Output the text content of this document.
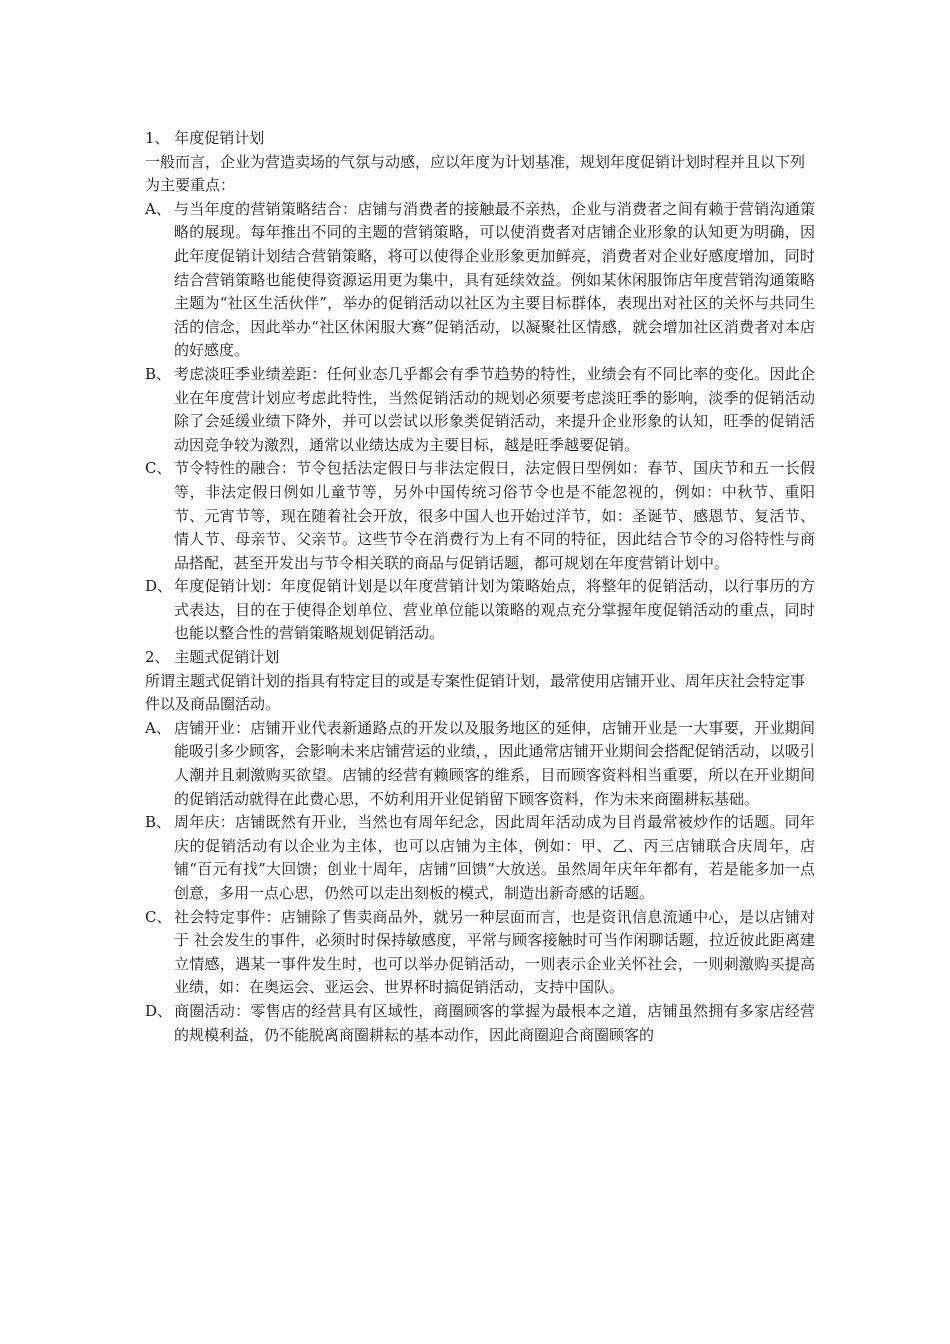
1、 年度促销计划

一般而言，企业为营造卖场的气氛与动感，应以年度为计划基准，规划年度促销计划时程并且以下列为主要重点：

A、 与当年度的营销策略结合：店铺与消费者的接触最不亲热，企业与消费者之间有赖于营销沟通策略的展现。每年推出不同的主题的营销策略，可以使消费者对店铺企业形象的认知更为明确，因此年度促销计划结合营销策略，将可以使得企业形象更加鲜亮，消费者对企业好感度增加，同时结合营销策略也能使得资源运用更为集中，具有延续效益。例如某休闲服饰店年度营销沟通策略主题为“社区生活伙伴”，举办的促销活动以社区为主要目标群体，表现出对社区的关怀与共同生活的信念，因此举办“社区休闲服大赛”促销活动，以凝聚社区情感，就会增加社区消费者对本店的好感度。

B、 考虑淡旺季业绩差距：任何业态几乎都会有季节趋势的特性，业绩会有不同比率的变化。因此企业在年度营计划应考虑此特性，当然促销活动的规划必须要考虑淡旺季的影响，淡季的促销活动除了会延缓业绩下降外，并可以尝试以形象类促销活动，来提升企业形象的认知，旺季的促销活动因竞争较为激烈，通常以业绩达成为主要目标，越是旺季越要促销。

C、 节令特性的融合：节令包括法定假日与非法定假日，法定假日型例如：春节、国庆节和五一长假等，非法定假日例如儿童节等，另外中国传统习俗节令也是不能忽视的，例如：中秋节、重阳节、元宵节等，现在随着社会开放，很多中国人也开始过洋节，如：圣诞节、感恩节、复活节、情人节、母亲节、父亲节。这些节令在消费行为上有不同的特征，因此结合节令的习俗特性与商品搭配，甚至开发出与节令相关联的商品与促销话题，都可规划在年度营销计划中。

D、 年度促销计划：年度促销计划是以年度营销计划为策略始点，将整年的促销活动，以行事历的方式表达，目的在于使得企划单位、营业单位能以策略的观点充分掌握年度促销活动的重点，同时也能以整合性的营销策略规划促销活动。

2、 主题式促销计划

所谓主题式促销计划的指具有特定目的或是专案性促销计划，最常使用店铺开业、周年庆社会特定事件以及商品圈活动。

A、 店铺开业：店铺开业代表新通路点的开发以及服务地区的延伸，店铺开业是一大事要，开业期间能吸引多少顾客，会影响未来店铺营运的业绩，，因此通常店铺开业期间会搭配促销活动，以吸引人潮并且刺激购买欲望。店铺的经营有赖顾客的维系，目而顾客资料相当重要，所以在开业期间的促销活动就得在此费心思，不妨利用开业促销留下顾客资料，作为未来商圈耕耘基础。

B、 周年庆：店铺既然有开业，当然也有周年纪念，因此周年活动成为目肖最常被炒作的话题。同年庆的促销活动有以企业为主体，也可以店铺为主体，例如：甲、乙、丙三店铺联合庆周年，店铺“百元有找”大回馈；创业十周年，店铺“回馈”大放送。虽然周年庆年年都有，若是能多加一点创意，多用一点心思，仍然可以走出刻板的模式，制造出新奇感的话题。

C、 社会特定事件：店铺除了售卖商品外，就另一种层面而言，也是资讯信息流通中心，是以店铺对于 社会发生的事件，必须时时保持敏感度，平常与顾客接触时可当作闲聊话题，拉近彼此距离建立情感，遇某一事件发生时，也可以举办促销活动，一则表示企业关怀社会，一则刺激购买提高业绩，如：在奥运会、亚运会、世界杯时搞促销活动，支持中国队。

D、 商圈活动：零售店的经营具有区域性，商圈顾客的掌握为最根本之道，店铺虽然拥有多家店经营的规模利益，仍不能脱离商圈耕耘的基本动作，因此商圈迎合商圈顾客的
